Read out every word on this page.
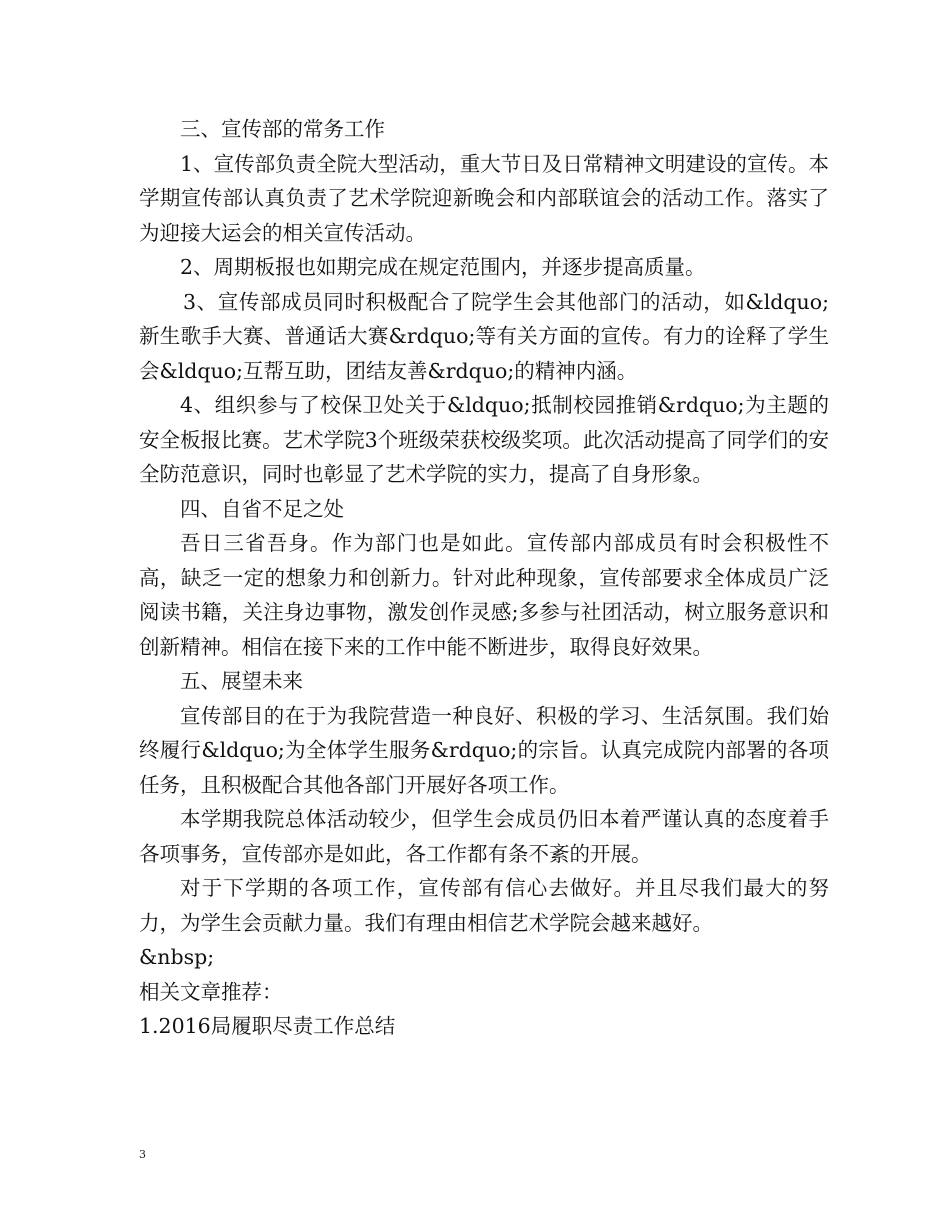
三、宣传部的常务工作

1、宣传部负责全院大型活动，重大节日及日常精神文明建设的宣传。本学期宣传部认真负责了艺术学院迎新晚会和内部联谊会的活动工作。落实了为迎接大运会的相关宣传活动。

2、周期板报也如期完成在规定范围内，并逐步提高质量。

3、宣传部成员同时积极配合了院学生会其他部门的活动，如&ldquo;新生歌手大赛、普通话大赛&rdquo;等有关方面的宣传。有力的诠释了学生会&ldquo;互帮互助，团结友善&rdquo;的精神内涵。

4、组织参与了校保卫处关于&ldquo;抵制校园推销&rdquo;为主题的安全板报比赛。艺术学院3个班级荣获校级奖项。此次活动提高了同学们的安全防范意识，同时也彰显了艺术学院的实力，提高了自身形象。

四、自省不足之处

吾日三省吾身。作为部门也是如此。宣传部内部成员有时会积极性不高，缺乏一定的想象力和创新力。针对此种现象，宣传部要求全体成员广泛阅读书籍，关注身边事物，激发创作灵感;多参与社团活动，树立服务意识和创新精神。相信在接下来的工作中能不断进步，取得良好效果。

五、展望未来

宣传部目的在于为我院营造一种良好、积极的学习、生活氛围。我们始终履行&ldquo;为全体学生服务&rdquo;的宗旨。认真完成院内部署的各项任务，且积极配合其他各部门开展好各项工作。

本学期我院总体活动较少，但学生会成员仍旧本着严谨认真的态度着手各项事务，宣传部亦是如此，各工作都有条不紊的开展。

对于下学期的各项工作，宣传部有信心去做好。并且尽我们最大的努力，为学生会贡献力量。我们有理由相信艺术学院会越来越好。

&nbsp;

相关文章推荐：

1.2016局履职尽责工作总结

3
